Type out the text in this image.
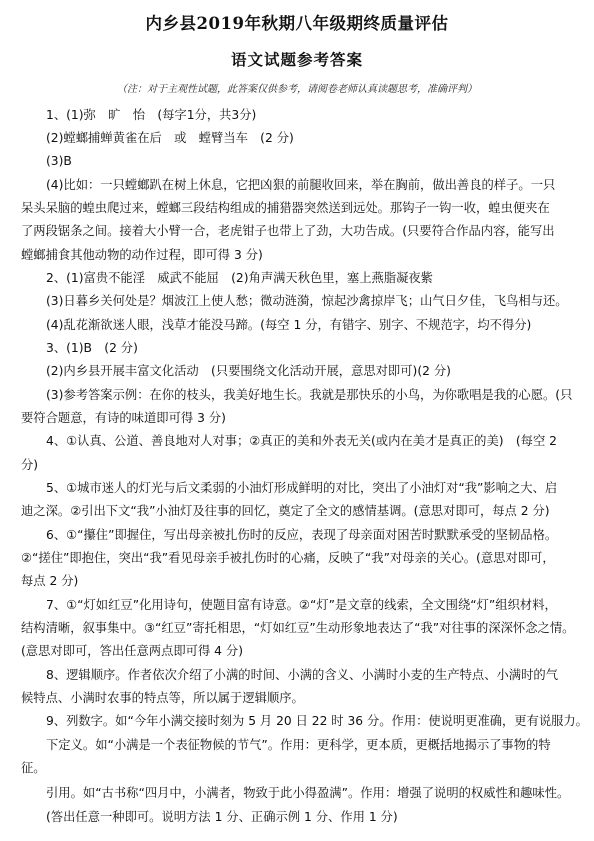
内乡县2019年秋期八年级期终质量评估
语文试题参考答案
（注：对于主观性试题，此答案仅供参考，请阅卷老师认真读题思考，准确评判）
1、(1)弥　旷　怡　(每字1分，共3分)
(2)螳螂捕蝉黄雀在后　或　螳臂当车　(2 分)
(3)B
(4)比如：一只螳螂趴在树上休息，它把凶狠的前腿收回来，举在胸前，做出善良的样子。一只
呆头呆脑的蝗虫爬过来，螳螂三段结构组成的捕猎器突然送到远处。那钩子一钩一收，蝗虫便夹在
了两段锯条之间。接着大小臂一合，老虎钳子也带上了劲，大功告成。(只要符合作品内容，能写出
螳螂捕食其他动物的动作过程，即可得 3 分)
2、(1)富贵不能淫　威武不能屈　(2)角声满天秋色里，塞上燕脂凝夜紫
(3)日暮乡关何处是？烟波江上使人愁；微动涟漪，惊起沙禽掠岸飞；山气日夕佳，飞鸟相与还。
(4)乱花渐欲迷人眼，浅草才能没马蹄。(每空 1 分，有错字、别字、不规范字，均不得分)
3、(1)B　(2 分)
(2)内乡县开展丰富文化活动　(只要围绕文化活动开展，意思对即可)(2 分)
(3)参考答案示例：在你的枝头，我美好地生长。我就是那快乐的小鸟，为你歌唱是我的心愿。(只
要符合题意，有诗的味道即可得 3 分)
4、①认真、公道、善良地对人对事；②真正的美和外表无关(或内在美才是真正的美)　(每空 2
分)
5、①城市迷人的灯光与后文柔弱的小油灯形成鲜明的对比，突出了小油灯对“我”影响之大、启
迪之深。②引出下文“我”小油灯及往事的回忆，奠定了全文的感情基调。(意思对即可，每点 2 分)
6、①“攥住”即握住，写出母亲被扎伤时的反应，表现了母亲面对困苦时默默承受的坚韧品格。
②“搓住”即抱住，突出“我”看见母亲手被扎伤时的心痛，反映了“我”对母亲的关心。(意思对即可，
每点 2 分)
7、①“灯如红豆”化用诗句，使题目富有诗意。②“灯”是文章的线索，全文围绕“灯”组织材料，
结构清晰，叙事集中。③“红豆”寄托相思，“灯如红豆”生动形象地表达了“我”对往事的深深怀念之情。
(意思对即可，答出任意两点即可得 4 分)
8、逻辑顺序。作者依次介绍了小满的时间、小满的含义、小满时小麦的生产特点、小满时的气
候特点、小满时农事的特点等，所以属于逻辑顺序。
9、列数字。如“今年小满交接时刻为 5 月 20 日 22 时 36 分。作用：使说明更准确，更有说服力。
下定义。如“小满是一个表征物候的节气”。作用：更科学，更本质，更概括地揭示了事物的特
征。
引用。如“古书称“四月中，小满者，物致于此小得盈满”。作用：增强了说明的权威性和趣味性。
(答出任意一种即可。说明方法 1 分、正确示例 1 分、作用 1 分)
